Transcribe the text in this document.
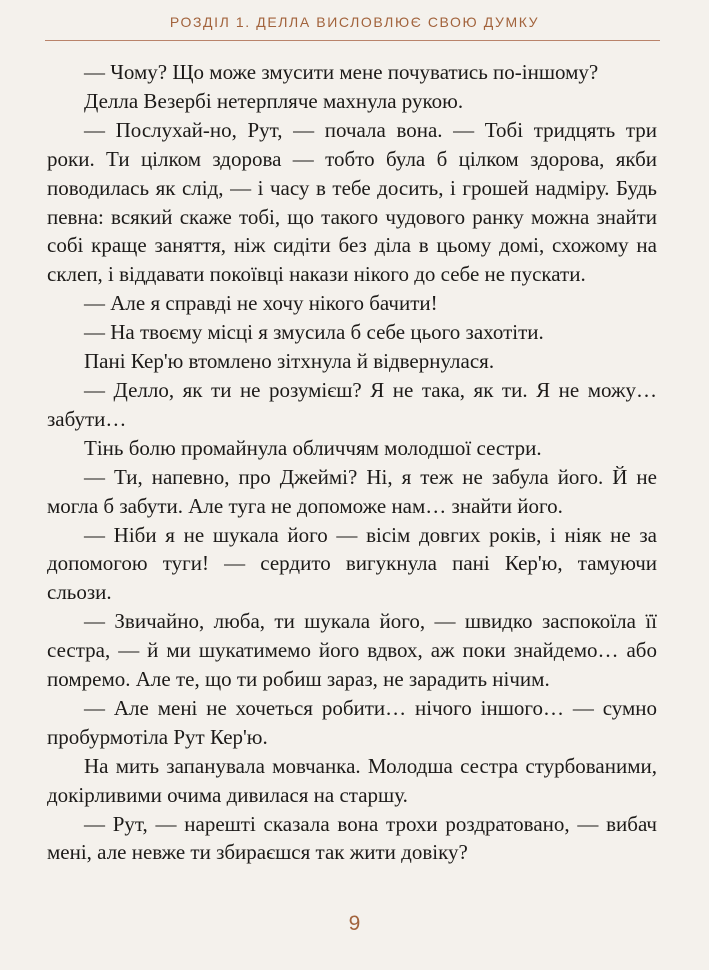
РОЗДІЛ 1. ДЕЛЛА ВИСЛОВЛЮЄ СВОЮ ДУМКУ

— Чому? Що може змусити мене почуватись по-іншому?

Делла Везербі нетерпляче махнула рукою.

— Послухай-но, Рут, — почала вона. — Тобі тридцять три роки. Ти цілком здорова — тобто була б цілком здорова, якби поводилась як слід, — і часу в тебе досить, і грошей надміру. Будь певна: всякий скаже тобі, що такого чудового ранку можна знайти собі краще заняття, ніж сидіти без діла в цьому домі, схожому на склеп, і віддавати покоївці накази нікого до себе не пускати.

— Але я справді не хочу нікого бачити!

— На твоєму місці я змусила б себе цього захотіти.

Пані Кер'ю втомлено зітхнула й відвернулася.

— Делло, як ти не розумієш? Я не така, як ти. Я не можу… забути…

Тінь болю промайнула обличчям молодшої сестри.

— Ти, напевно, про Джеймі? Ні, я теж не забула його. Й не могла б забути. Але туга не допоможе нам… знайти його.

— Ніби я не шукала його — вісім довгих років, і ніяк не за допомогою туги! — сердито вигукнула пані Кер'ю, тамуючи сльози.

— Звичайно, люба, ти шукала його, — швидко заспокоїла її сестра, — й ми шукатимемо його вдвох, аж поки знайдемо… або помремо. Але те, що ти робиш зараз, не зарадить нічим.

— Але мені не хочеться робити… нічого іншого… — сумно пробурмотіла Рут Кер'ю.

На мить запанувала мовчанка. Молодша сестра стурбованими, докірливими очима дивилася на старшу.

— Рут, — нарешті сказала вона трохи роздратовано, — вибач мені, але невже ти збираєшся так жити довіку?

9
